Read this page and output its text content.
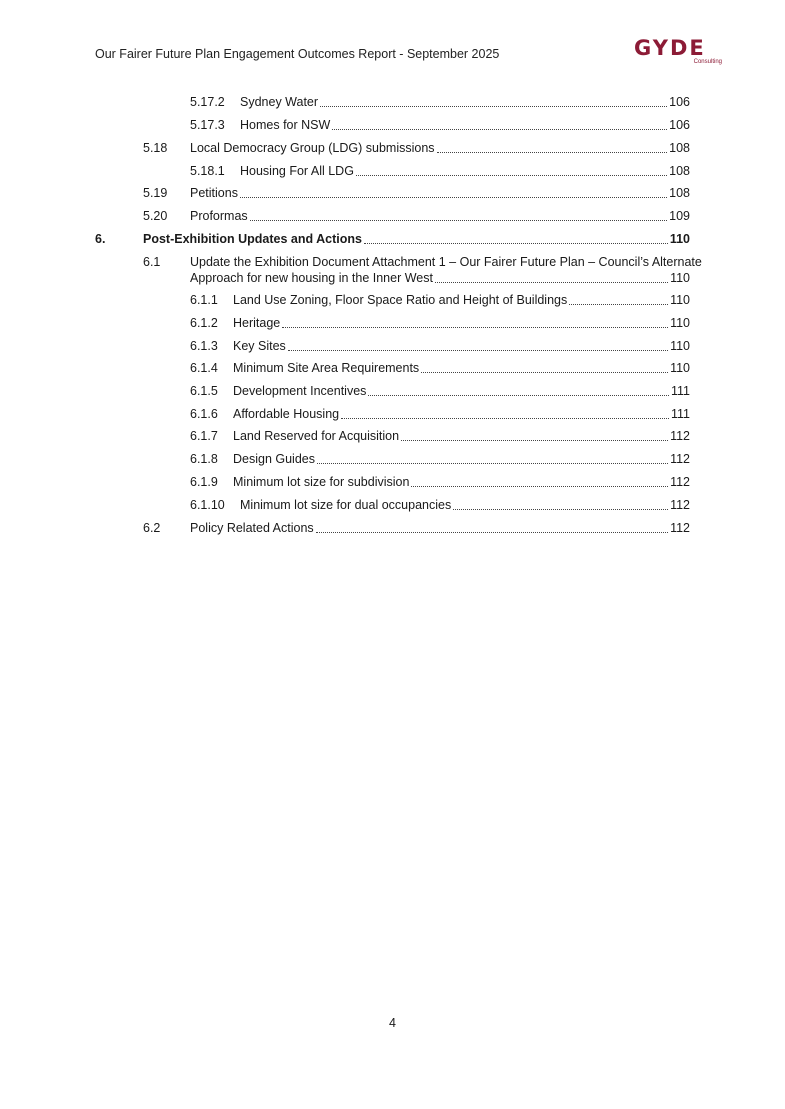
Our Fairer Future Plan Engagement Outcomes Report - September 2025	GYDE
Consulting
5.17.2 Sydney Water	106
5.17.3 Homes for NSW	106
5.18 Local Democracy Group (LDG) submissions	108
5.18.1 Housing For All LDG	108
5.19 Petitions	108
5.20 Proformas	109
6.	Post-Exhibition Updates and Actions	110
6.1 Update the Exhibition Document Attachment 1 – Our Fairer Future Plan – Council’s Alternate
Approach for new housing in the Inner West	110
6.1.1 Land Use Zoning, Floor Space Ratio and Height of Buildings	110
6.1.2 Heritage	110
6.1.3 Key Sites	110
6.1.4 Minimum Site Area Requirements	110
6.1.5 Development Incentives	111
6.1.6 Affordable Housing	111
6.1.7 Land Reserved for Acquisition	112
6.1.8 Design Guides	112
6.1.9 Minimum lot size for subdivision	112
6.1.10 Minimum lot size for dual occupancies	112
6.2 Policy Related Actions	112
4
